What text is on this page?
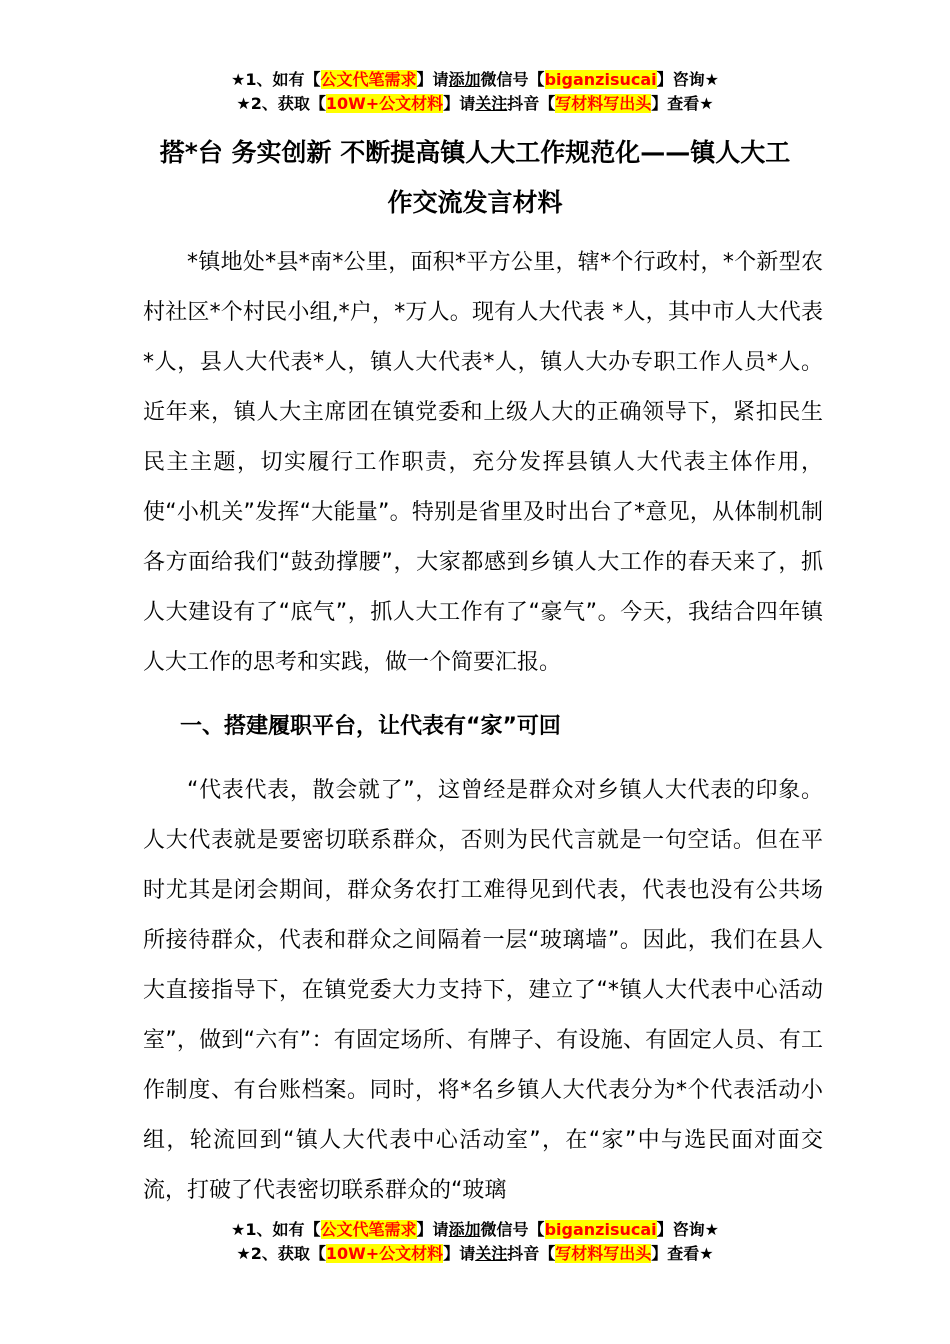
★1、如有【公文代笔需求】请添加微信号【biganzisucai】咨询★
★2、获取【10W+公文材料】请关注抖音【写材料写出头】查看★
搭*台 务实创新 不断提高镇人大工作规范化——镇人大工
作交流发言材料

*镇地处*县*南*公里，面积*平方公里，辖*个行政村，*个新型农村社区*个村民小组,*户，*万人。现有人大代表 *人，其中市人大代表*人，县人大代表*人，镇人大代表*人，镇人大办专职工作人员*人。近年来，镇人大主席团在镇党委和上级人大的正确领导下，紧扣民生民主主题，切实履行工作职责，充分发挥县镇人大代表主体作用，使“小机关”发挥“大能量”。特别是省里及时出台了*意见，从体制机制各方面给我们“鼓劲撑腰”，大家都感到乡镇人大工作的春天来了，抓人大建设有了“底气”，抓人大工作有了“豪气”。今天，我结合四年镇人大工作的思考和实践，做一个简要汇报。

一、搭建履职平台，让代表有“家”可回

“代表代表，散会就了”，这曾经是群众对乡镇人大代表的印象。人大代表就是要密切联系群众，否则为民代言就是一句空话。但在平时尤其是闭会期间，群众务农打工难得见到代表，代表也没有公共场所接待群众，代表和群众之间隔着一层“玻璃墙”。因此，我们在县人大直接指导下，在镇党委大力支持下，建立了“*镇人大代表中心活动室”，做到“六有”：有固定场所、有牌子、有设施、有固定人员、有工作制度、有台账档案。同时，将*名乡镇人大代表分为*个代表活动小组，轮流回到“镇人大代表中心活动室”，在“家”中与选民面对面交流，打破了代表密切联系群众的“玻璃

★1、如有【公文代笔需求】请添加微信号【biganzisucai】咨询★
★2、获取【10W+公文材料】请关注抖音【写材料写出头】查看★
